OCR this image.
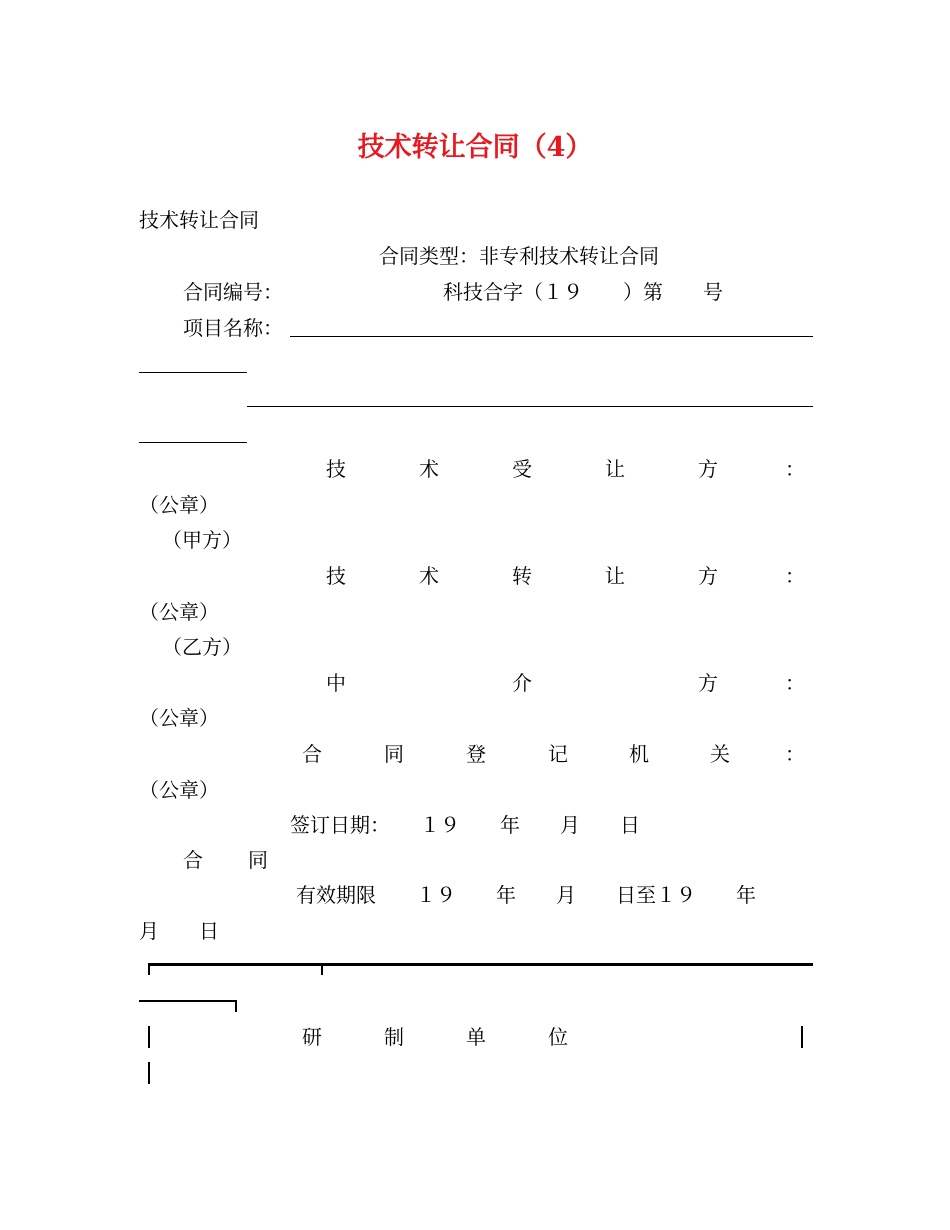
技术转让合同（4）
技术转让合同
合同类型：非专利技术转让合同
合同编号：	科技合字（１９　　）第　　号
项目名称：
技	术	受	让	方	：
（公章）
（甲方）
技	术	转	让	方	：
（公章）
（乙方）
中	介	方	：
（公章）
合	同	登	记	机	关	：
（公章）
签订日期：　　１９　　年　　月　　日
合 同
有效期限　　１９　　年　　月　　日至１９　　年
月　　日
研	制	单	位
